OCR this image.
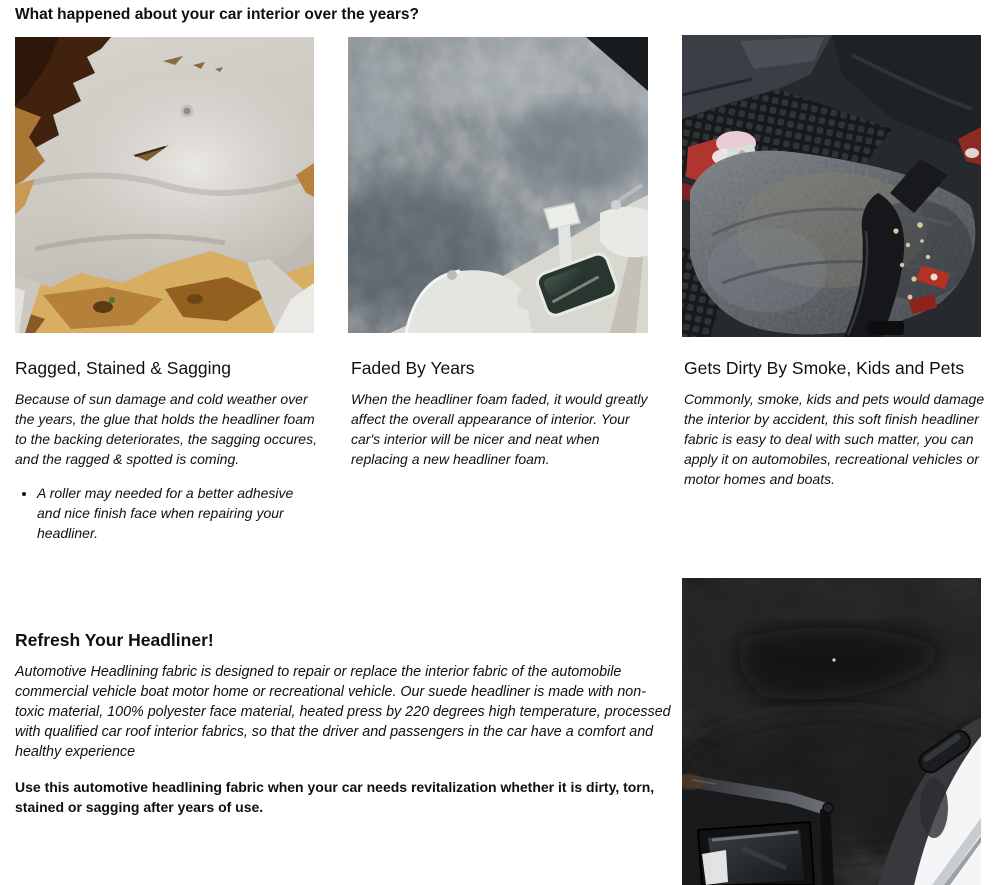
What happened about your car interior over the years?
Ragged, Stained & Sagging

Because of sun damage and cold weather over the years, the glue that holds the headliner foam to the backing deteriorates, the sagging occures, and the ragged & spotted is coming.

• A roller may needed for a better adhesive and nice finish face when repairing your headliner.
Faded By Years

When the headliner foam faded, it would greatly affect the overall appearance of interior. Your car's interior will be nicer and neat when replacing a new headliner foam.

Gets Dirty By Smoke, Kids and Pets

Commonly, smoke, kids and pets would damage the interior by accident, this soft finish headliner fabric is easy to deal with such matter, you can apply it on automobiles, recreational vehicles or motor homes and boats.

Refresh Your Headliner!

Automotive Headlining fabric is designed to repair or replace the interior fabric of the automobile commercial vehicle boat motor home or recreational vehicle. Our suede headliner is made with non-toxic material, 100% polyester face material, heated press by 220 degrees high temperature, processed with qualified car roof interior fabrics, so that the driver and passengers in the car have a comfort and healthy experience

Use this automotive headlining fabric when your car needs revitalization whether it is dirty, torn, stained or sagging after years of use.
